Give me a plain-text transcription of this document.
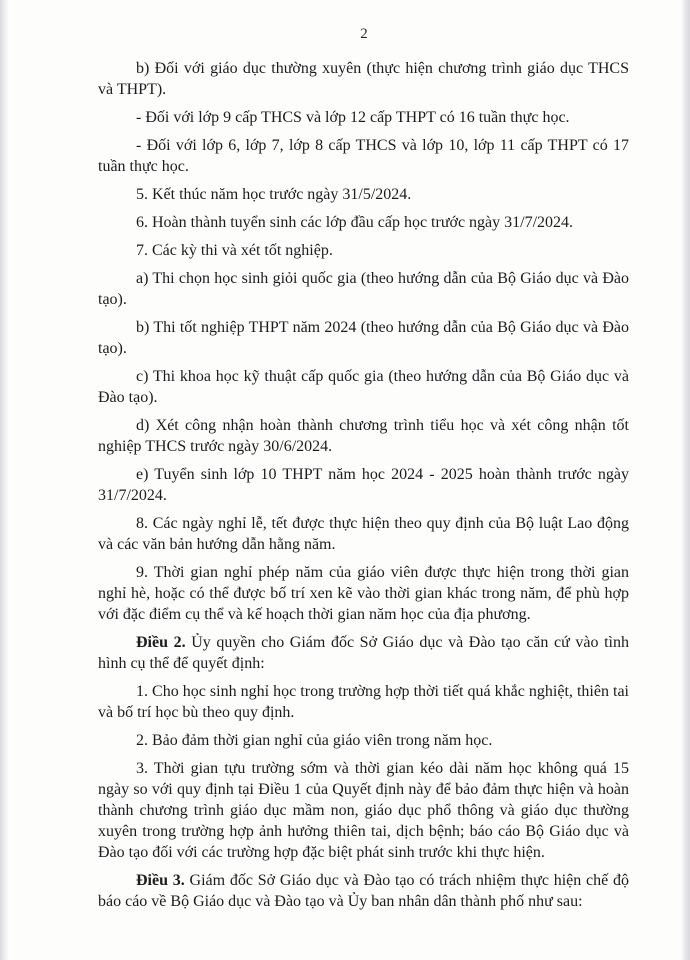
2

b) Đối với giáo dục thường xuyên (thực hiện chương trình giáo dục THCS và THPT).

- Đối với lớp 9 cấp THCS và lớp 12 cấp THPT có 16 tuần thực học.

- Đối với lớp 6, lớp 7, lớp 8 cấp THCS và lớp 10, lớp 11 cấp THPT có 17 tuần thực học.

5. Kết thúc năm học trước ngày 31/5/2024.

6. Hoàn thành tuyển sinh các lớp đầu cấp học trước ngày 31/7/2024.

7. Các kỳ thi và xét tốt nghiệp.

a) Thi chọn học sinh giỏi quốc gia (theo hướng dẫn của Bộ Giáo dục và Đào tạo).

b) Thi tốt nghiệp THPT năm 2024 (theo hướng dẫn của Bộ Giáo dục và Đào tạo).

c) Thi khoa học kỹ thuật cấp quốc gia (theo hướng dẫn của Bộ Giáo dục và Đào tạo).

d) Xét công nhận hoàn thành chương trình tiểu học và xét công nhận tốt nghiệp THCS trước ngày 30/6/2024.

e) Tuyển sinh lớp 10 THPT năm học 2024 - 2025 hoàn thành trước ngày 31/7/2024.

8. Các ngày nghỉ lễ, tết được thực hiện theo quy định của Bộ luật Lao động và các văn bản hướng dẫn hằng năm.

9. Thời gian nghỉ phép năm của giáo viên được thực hiện trong thời gian nghỉ hè, hoặc có thể được bố trí xen kẽ vào thời gian khác trong năm, để phù hợp với đặc điểm cụ thể và kế hoạch thời gian năm học của địa phương.

Điều 2. Ủy quyền cho Giám đốc Sở Giáo dục và Đào tạo căn cứ vào tình hình cụ thể để quyết định:

1. Cho học sinh nghỉ học trong trường hợp thời tiết quá khắc nghiệt, thiên tai và bố trí học bù theo quy định.

2. Bảo đảm thời gian nghỉ của giáo viên trong năm học.

3. Thời gian tựu trường sớm và thời gian kéo dài năm học không quá 15 ngày so với quy định tại Điều 1 của Quyết định này để bảo đảm thực hiện và hoàn thành chương trình giáo dục mầm non, giáo dục phổ thông và giáo dục thường xuyên trong trường hợp ảnh hưởng thiên tai, dịch bệnh; báo cáo Bộ Giáo dục và Đào tạo đối với các trường hợp đặc biệt phát sinh trước khi thực hiện.

Điều 3. Giám đốc Sở Giáo dục và Đào tạo có trách nhiệm thực hiện chế độ báo cáo về Bộ Giáo dục và Đào tạo và Ủy ban nhân dân thành phố như sau:
